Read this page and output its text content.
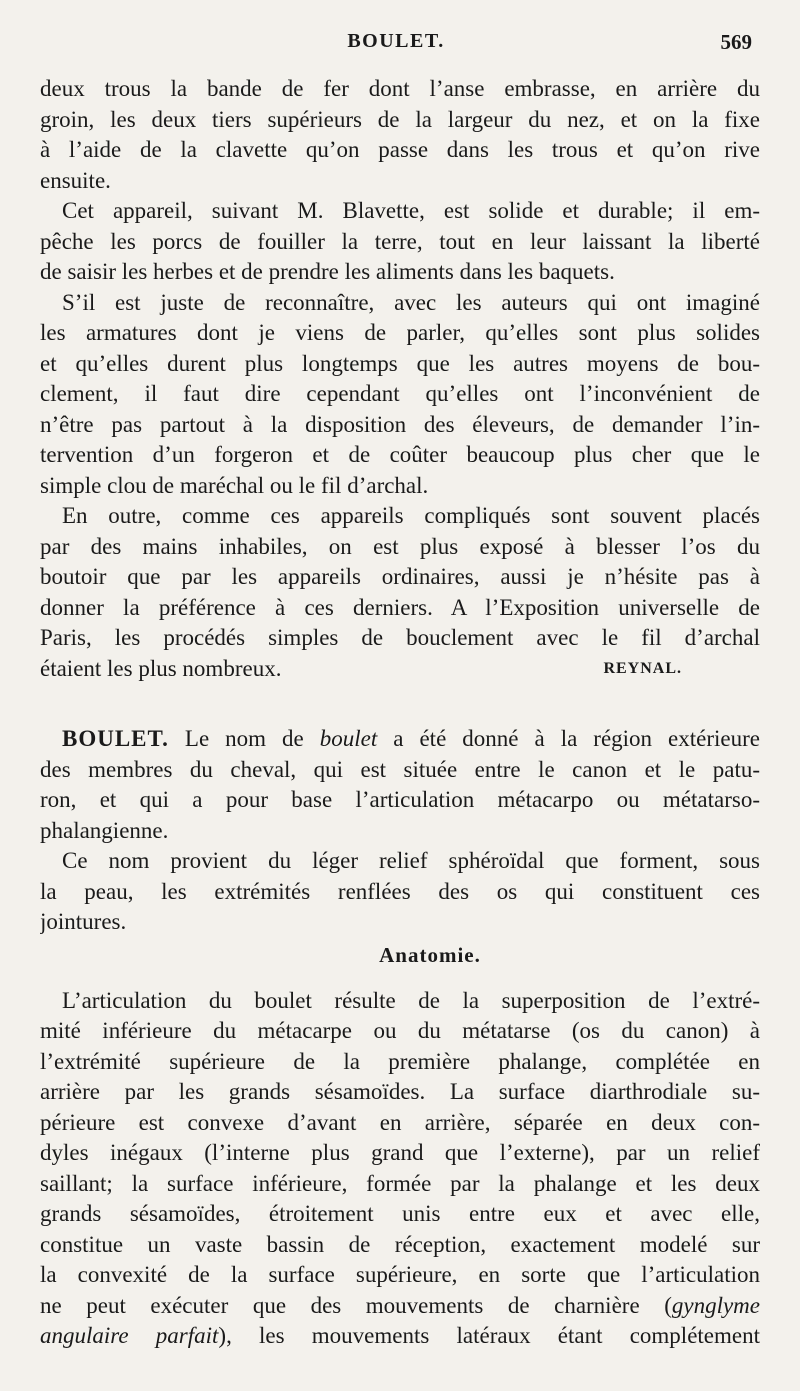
BOULET.	569
deux trous la bande de fer dont l’anse embrasse, en arrière du
groin, les deux tiers supérieurs de la largeur du nez, et on la fixe
à l’aide de la clavette qu’on passe dans les trous et qu’on rive
ensuite.
Cet appareil, suivant M. Blavette, est solide et durable; il em-
pêche les porcs de fouiller la terre, tout en leur laissant la liberté
de saisir les herbes et de prendre les aliments dans les baquets.
S’il est juste de reconnaître, avec les auteurs qui ont imaginé
les armatures dont je viens de parler, qu’elles sont plus solides
et qu’elles durent plus longtemps que les autres moyens de bou-
clement, il faut dire cependant qu’elles ont l’inconvénient de
n’être pas partout à la disposition des éleveurs, de demander l’in-
tervention d’un forgeron et de coûter beaucoup plus cher que le
simple clou de maréchal ou le fil d’archal.
En outre, comme ces appareils compliqués sont souvent placés
par des mains inhabiles, on est plus exposé à blesser l’os du
boutoir que par les appareils ordinaires, aussi je n’hésite pas à
donner la préférence à ces derniers. A l’Exposition universelle de
Paris, les procédés simples de bouclement avec le fil d’archal
étaient les plus nombreux.	REYNAL.
BOULET. Le nom de boulet a été donné à la région extérieure
des membres du cheval, qui est située entre le canon et le patu-
ron, et qui a pour base l’articulation métacarpo ou métatarso-
phalangienne.
Ce nom provient du léger relief sphéroïdal que forment, sous
la peau, les extrémités renflées des os qui constituent ces
jointures.
Anatomie.
L’articulation du boulet résulte de la superposition de l’extré-
mité inférieure du métacarpe ou du métatarse (os du canon) à
l’extrémité supérieure de la première phalange, complétée en
arrière par les grands sésamoïdes. La surface diarthrodiale su-
périeure est convexe d’avant en arrière, séparée en deux con-
dyles inégaux (l’interne plus grand que l’externe), par un relief
saillant; la surface inférieure, formée par la phalange et les deux
grands sésamoïdes, étroitement unis entre eux et avec elle,
constitue un vaste bassin de réception, exactement modelé sur
la convexité de la surface supérieure, en sorte que l’articulation
ne peut exécuter que des mouvements de charnière (gynglyme
angulaire parfait), les mouvements latéraux étant complétement
